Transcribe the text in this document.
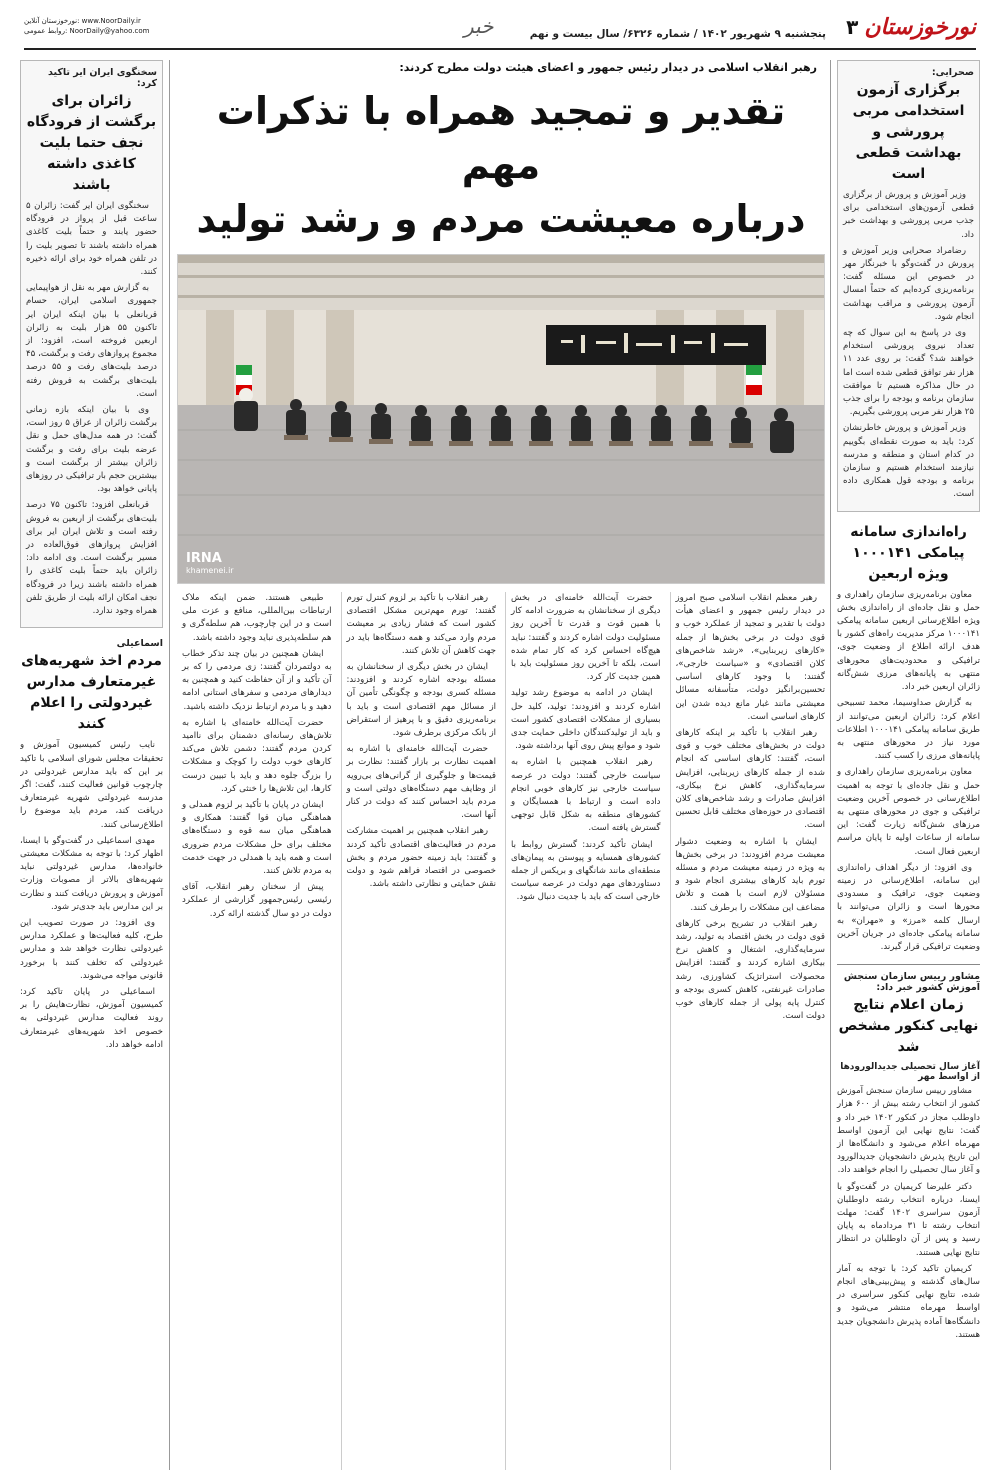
نورخوزستان
۳
پنجشنبه ۹ شهریور ۱۴۰۲ / شماره ۶۳۲۶/ سال بیست و نهم
خبر
نورخوزستان آنلاین: www.NoorDaily.ir
روابط عمومی: NoorDaily@yahoo.com
صحرایی:
برگزاری آزمون استخدامی مربی پرورشی و بهداشت قطعی است

وزیر آموزش و پرورش از برگزاری قطعی آزمون‌های استخدامی برای جذب مربی پرورشی و بهداشت خبر داد.

رضامراد صحرایی وزیر آموزش و پرورش در گفت‌وگو با خبرنگار مهر در خصوص این مسئله گفت: برنامه‌ریزی کرده‌ایم که حتماً امسال آزمون پرورشی و مراقب بهداشت انجام شود.

وی در پاسخ به این سوال که چه تعداد نیروی پرورشی استخدام خواهند شد؟ گفت: بر روی عدد ۱۱ هزار نفر توافق قطعی شده است اما در حال مذاکره هستیم تا موافقت سازمان برنامه و بودجه را برای جذب ۲۵ هزار نفر مربی پرورشی بگیریم.

وزیر آموزش و پرورش خاطرنشان کرد: باید به صورت نقطه‌ای بگوییم در کدام استان و منطقه و مدرسه نیازمند استخدام هستیم و سازمان برنامه و بودجه قول همکاری داده است.

راه‌اندازی سامانه پیامکی ۱۰۰۰۱۴۱ ویژه اربعین

معاون برنامه‌ریزی سازمان راهداری و حمل و نقل جاده‌ای از راه‌اندازی بخش ویژه اطلاع‌رسانی اربعین سامانه پیامکی ۱۰۰۰۱۴۱ مرکز مدیریت راه‌های کشور با هدف ارائه اطلاع از وضعیت جوی، ترافیکی و محدودیت‌های محورهای منتهی به پایانه‌های مرزی شش‌گانه زائران اربعین خبر داد.

به گزارش صداوسیما، محمد تسبیحی اعلام کرد: زائران اربعین می‌توانند از طریق سامانه پیامکی ۱۰۰۰۱۴۱ اطلاعات مورد نیاز در محورهای منتهی به پایانه‌های مرزی را کسب کنند.

معاون برنامه‌ریزی سازمان راهداری و حمل و نقل جاده‌ای با توجه به اهمیت اطلاع‌رسانی در خصوص آخرین وضعیت ترافیکی و جوی در محورهای منتهی به مرزهای شش‌گانه زیارت گفت: این سامانه از ساعات اولیه تا پایان مراسم اربعین فعال است.

وی افزود: از دیگر اهداف راه‌اندازی این سامانه، اطلاع‌رسانی در زمینه وضعیت جوی، ترافیک و مسدودی محورها است و زائران می‌توانند با ارسال کلمه «مرز» و «مهران» به سامانه پیامکی جاده‌ای در جریان آخرین وضعیت ترافیکی قرار گیرند.

مشاور رییس سازمان سنجش آموزش کشور خبر داد:
زمان اعلام نتایج نهایی کنکور مشخص شد
آغاز سال تحصیلی جدید‌الورودها از اواسط مهر

مشاور رییس سازمان سنجش آموزش کشور از انتخاب رشته بیش از ۶۰۰ هزار داوطلب مجاز در کنکور ۱۴۰۲ خبر داد و گفت: نتایج نهایی این آزمون اواسط مهرماه اعلام می‌شود و دانشگاه‌ها از این تاریخ پذیرش دانشجویان جدیدالورود و آغاز سال تحصیلی را انجام خواهند داد.

دکتر علیرضا کریمیان در گفت‌وگو با ایسنا، درباره انتخاب رشته داوطلبان آزمون سراسری ۱۴۰۲ گفت: مهلت انتخاب رشته تا ۳۱ مردادماه به پایان رسید و پس از آن داوطلبان در انتظار نتایج نهایی هستند.

کریمیان تاکید کرد: با توجه به آمار سال‌های گذشته و پیش‌بینی‌های انجام شده، نتایج نهایی کنکور سراسری در اواسط مهرماه منتشر می‌شود و دانشگاه‌ها آماده پذیرش دانشجویان جدید هستند.

رهبر انقلاب اسلامی در دیدار رئیس جمهور و اعضای هیئت دولت مطرح کردند:
تقدیر و تمجید همراه با تذکرات مهم
درباره معیشت مردم و رشد تولید
IRNA
khamenei.ir

رهبر معظم انقلاب اسلامی صبح امروز در دیدار رئیس جمهور و اعضای هیأت دولت با تقدیر و تمجید از عملکرد خوب و قوی دولت در برخی بخش‌ها از جمله «کارهای زیربنایی»، «رشد شاخص‌های کلان اقتصادی» و «سیاست خارجی»، گفتند: با وجود کارهای اساسی تحسین‌برانگیز دولت، متأسفانه مسائل معیشتی مانند غبار مانع دیده شدن این کارهای اساسی است.

رهبر انقلاب با تأکید بر اینکه کارهای دولت در بخش‌های مختلف خوب و قوی است، گفتند: کارهای اساسی که انجام شده از جمله کارهای زیربنایی، افزایش سرمایه‌گذاری، کاهش نرخ بیکاری، افزایش صادرات و رشد شاخص‌های کلان اقتصادی در حوزه‌های مختلف قابل تحسین است.

ایشان با اشاره به وضعیت دشوار معیشت مردم افزودند: در برخی بخش‌ها به ویژه در زمینه معیشت مردم و مسئله تورم باید کارهای بیشتری انجام شود و مسئولان لازم است با همت و تلاش مضاعف این مشکلات را برطرف کنند.

رهبر انقلاب در تشریح برخی کارهای قوی دولت در بخش اقتصاد به تولید، رشد سرمایه‌گذاری، اشتغال و کاهش نرخ بیکاری اشاره کردند و گفتند: افزایش محصولات استراتژیک کشاورزی، رشد صادرات غیرنفتی، کاهش کسری بودجه و کنترل پایه پولی از جمله کارهای خوب دولت است.

حضرت آیت‌الله خامنه‌ای در بخش دیگری از سخنانشان به ضرورت ادامه کار با همین قوت و قدرت تا آخرین روز مسئولیت دولت اشاره کردند و گفتند: نباید هیچ‌گاه احساس کرد که کار تمام شده است، بلکه تا آخرین روز مسئولیت باید با همین جدیت کار کرد.

ایشان در ادامه به موضوع رشد تولید اشاره کردند و افزودند: تولید، کلید حل بسیاری از مشکلات اقتصادی کشور است و باید از تولیدکنندگان داخلی حمایت جدی شود و موانع پیش روی آنها برداشته شود.

رهبر انقلاب همچنین با اشاره به سیاست خارجی گفتند: دولت در عرصه سیاست خارجی نیز کارهای خوبی انجام داده است و ارتباط با همسایگان و کشورهای منطقه به شکل قابل توجهی گسترش یافته است.

ایشان تأکید کردند: گسترش روابط با کشورهای همسایه و پیوستن به پیمان‌های منطقه‌ای مانند شانگهای و بریکس از جمله دستاوردهای مهم دولت در عرصه سیاست خارجی است که باید با جدیت دنبال شود.

رهبر انقلاب با تأکید بر لزوم کنترل تورم گفتند: تورم مهم‌ترین مشکل اقتصادی کشور است که فشار زیادی بر معیشت مردم وارد می‌کند و همه دستگاه‌ها باید در جهت کاهش آن تلاش کنند.

ایشان در بخش دیگری از سخنانشان به مسئله بودجه اشاره کردند و افزودند: مسئله کسری بودجه و چگونگی تأمین آن از مسائل مهم اقتصادی است و باید با برنامه‌ریزی دقیق و با پرهیز از استقراض از بانک مرکزی برطرف شود.

حضرت آیت‌الله خامنه‌ای با اشاره به اهمیت نظارت بر بازار گفتند: نظارت بر قیمت‌ها و جلوگیری از گرانی‌های بی‌رویه از وظایف مهم دستگاه‌های دولتی است و مردم باید احساس کنند که دولت در کنار آنها است.

رهبر انقلاب همچنین بر اهمیت مشارکت مردم در فعالیت‌های اقتصادی تأکید کردند و گفتند: باید زمینه حضور مردم و بخش خصوصی در اقتصاد فراهم شود و دولت نقش حمایتی و نظارتی داشته باشد.

طبیعی هستند. ضمن اینکه ملاک ارتباطات بین‌المللی، منافع و عزت ملی است و در این چارچوب، هم سلطه‌گری و هم سلطه‌پذیری نباید وجود داشته باشد.

ایشان همچنین در بیان چند تذکر خطاب به دولتمردان گفتند: زی مردمی را که بر آن تأکید و از آن حفاظت کنید و همچنین به دیدارهای مردمی و سفرهای استانی ادامه دهید و با مردم ارتباط نزدیک داشته باشید.

حضرت آیت‌الله خامنه‌ای با اشاره به تلاش‌های رسانه‌ای دشمنان برای ناامید کردن مردم گفتند: دشمن تلاش می‌کند کارهای خوب دولت را کوچک و مشکلات را بزرگ جلوه دهد و باید با تبیین درست کارها، این تلاش‌ها را خنثی کرد.

ایشان در پایان با تأکید بر لزوم همدلی و هماهنگی میان قوا گفتند: همکاری و هماهنگی میان سه قوه و دستگاه‌های مختلف برای حل مشکلات مردم ضروری است و همه باید با همدلی در جهت خدمت به مردم تلاش کنند.

پیش از سخنان رهبر انقلاب، آقای رئیسی رئیس‌جمهور گزارشی از عملکرد دولت در دو سال گذشته ارائه کرد.

سخنگوی ایران ایر تاکید کرد:
زائران برای برگشت از فرودگاه نجف حتما بلیت کاغذی داشته باشند

سخنگوی ایران ایر گفت: زائران ۵ ساعت قبل از پرواز در فرودگاه حضور یابند و حتماً بلیت کاغذی همراه داشته باشند تا تصویر بلیت را در تلفن همراه خود برای ارائه ذخیره کنند.

به گزارش مهر به نقل از هواپیمایی جمهوری اسلامی ایران، حسام قربانعلی با بیان اینکه ایران ایر تاکنون ۵۵ هزار بلیت به زائران اربعین فروخته است، افزود: از مجموع پروازهای رفت و برگشت، ۴۵ درصد بلیت‌های رفت و ۵۵ درصد بلیت‌های برگشت به فروش رفته است.

وی با بیان اینکه بازه زمانی برگشت زائران از عراق ۵ روز است، گفت: در همه مدل‌های حمل و نقل عرضه بلیت برای رفت و برگشت زائران بیشتر از برگشت است و بیشترین حجم بار ترافیکی در روزهای پایانی خواهد بود.

قربانعلی افزود: تاکنون ۷۵ درصد بلیت‌های برگشت از اربعین به فروش رفته است و تلاش ایران ایر برای افزایش پروازهای فوق‌العاده در مسیر برگشت است. وی ادامه داد: زائران باید حتماً بلیت کاغذی را همراه داشته باشند زیرا در فرودگاه نجف امکان ارائه بلیت از طریق تلفن همراه وجود ندارد.

اسماعیلی
مردم اخذ شهریه‌های غیرمتعارف مدارس غیردولتی را اعلام کنند

نایب رئیس کمیسیون آموزش و تحقیقات مجلس شورای اسلامی با تاکید بر این که باید مدارس غیردولتی در چارچوب قوانین فعالیت کنند، گفت: اگر مدرسه غیردولتی شهریه غیرمتعارف دریافت کند، مردم باید موضوع را اطلاع‌رسانی کنند.

مهدی اسماعیلی در گفت‌وگو با ایسنا، اظهار کرد: با توجه به مشکلات معیشتی خانواده‌ها، مدارس غیردولتی نباید شهریه‌های بالاتر از مصوبات وزارت آموزش و پرورش دریافت کنند و نظارت بر این مدارس باید جدی‌تر شود.

وی افزود: در صورت تصویب این طرح، کلیه فعالیت‌ها و عملکرد مدارس غیردولتی نظارت خواهد شد و مدارس غیردولتی که تخلف کنند با برخورد قانونی مواجه می‌شوند.

اسماعیلی در پایان تاکید کرد: کمیسیون آموزش، نظارت‌هایش را بر روند فعالیت مدارس غیردولتی به خصوص اخذ شهریه‌های غیرمتعارف ادامه خواهد داد.
